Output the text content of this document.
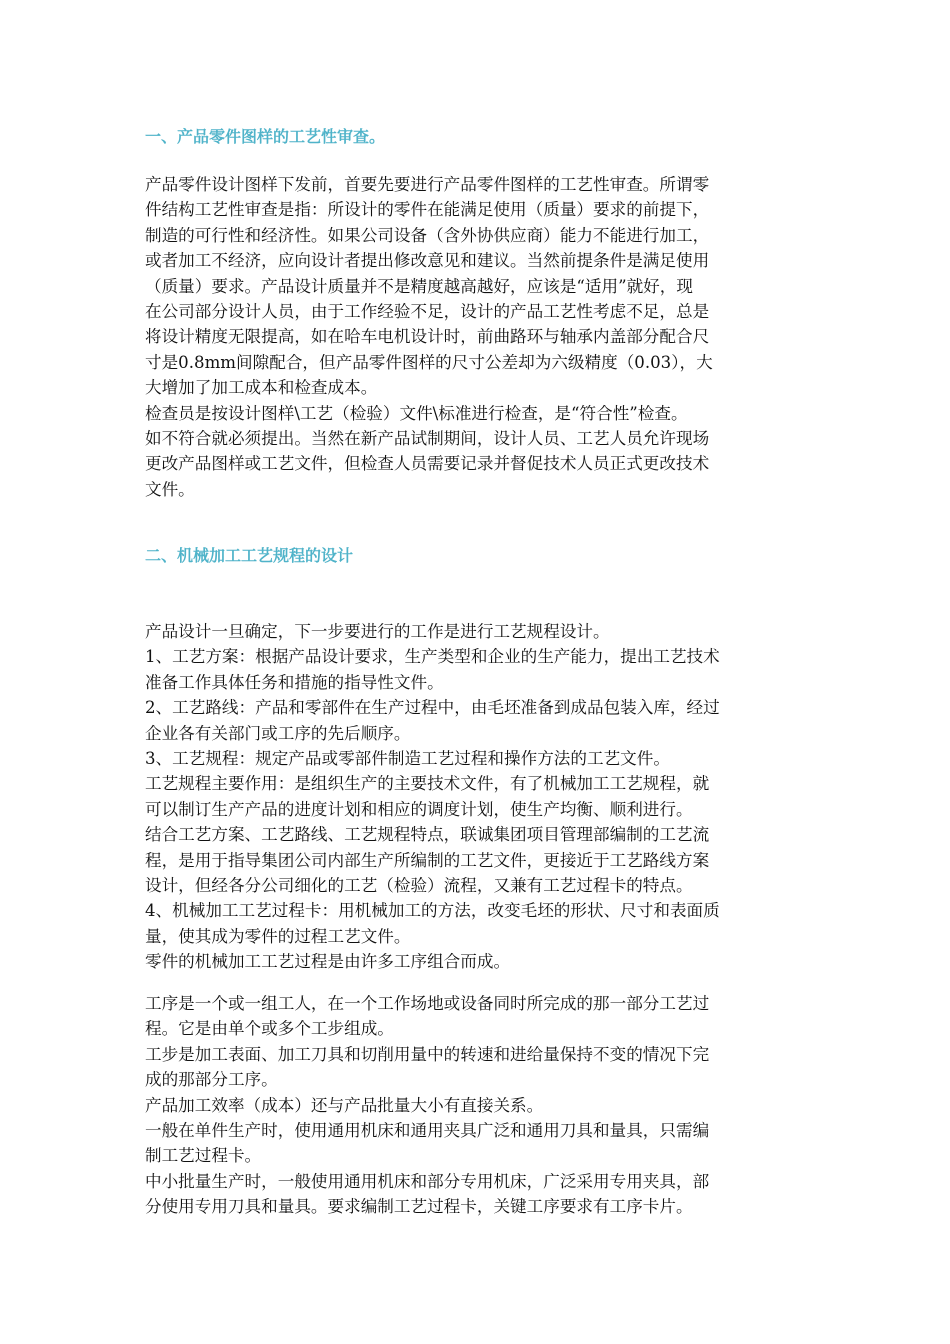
一、产品零件图样的工艺性审查。
产品零件设计图样下发前，首要先要进行产品零件图样的工艺性审查。所谓零
件结构工艺性审查是指：所设计的零件在能满足使用（质量）要求的前提下，
制造的可行性和经济性。如果公司设备（含外协供应商）能力不能进行加工，
或者加工不经济，应向设计者提出修改意见和建议。当然前提条件是满足使用
（质量）要求。产品设计质量并不是精度越高越好，应该是“适用”就好，现
在公司部分设计人员，由于工作经验不足，设计的产品工艺性考虑不足，总是
将设计精度无限提高，如在哈车电机设计时，前曲路环与轴承内盖部分配合尺
寸是0.8mm间隙配合，但产品零件图样的尺寸公差却为六级精度（0.03），大
大增加了加工成本和检查成本。
检查员是按设计图样\工艺（检验）文件\标准进行检查，是“符合性”检查。
如不符合就必须提出。当然在新产品试制期间，设计人员、工艺人员允许现场
更改产品图样或工艺文件，但检查人员需要记录并督促技术人员正式更改技术
文件。
二、机械加工工艺规程的设计
产品设计一旦确定，下一步要进行的工作是进行工艺规程设计。
1、工艺方案：根据产品设计要求，生产类型和企业的生产能力，提出工艺技术
准备工作具体任务和措施的指导性文件。
2、工艺路线：产品和零部件在生产过程中，由毛坯准备到成品包装入库，经过
企业各有关部门或工序的先后顺序。
3、工艺规程：规定产品或零部件制造工艺过程和操作方法的工艺文件。
工艺规程主要作用：是组织生产的主要技术文件，有了机械加工工艺规程，就
可以制订生产产品的进度计划和相应的调度计划，使生产均衡、顺利进行。
结合工艺方案、工艺路线、工艺规程特点，联诚集团项目管理部编制的工艺流
程，是用于指导集团公司内部生产所编制的工艺文件，更接近于工艺路线方案
设计，但经各分公司细化的工艺（检验）流程，又兼有工艺过程卡的特点。
4、机械加工工艺过程卡：用机械加工的方法，改变毛坯的形状、尺寸和表面质
量，使其成为零件的过程工艺文件。
零件的机械加工工艺过程是由许多工序组合而成。
工序是一个或一组工人，在一个工作场地或设备同时所完成的那一部分工艺过
程。它是由单个或多个工步组成。
工步是加工表面、加工刀具和切削用量中的转速和进给量保持不变的情况下完
成的那部分工序。
产品加工效率（成本）还与产品批量大小有直接关系。
一般在单件生产时，使用通用机床和通用夹具广泛和通用刀具和量具，只需编
制工艺过程卡。
中小批量生产时，一般使用通用机床和部分专用机床，广泛采用专用夹具，部
分使用专用刀具和量具。要求编制工艺过程卡，关键工序要求有工序卡片。
